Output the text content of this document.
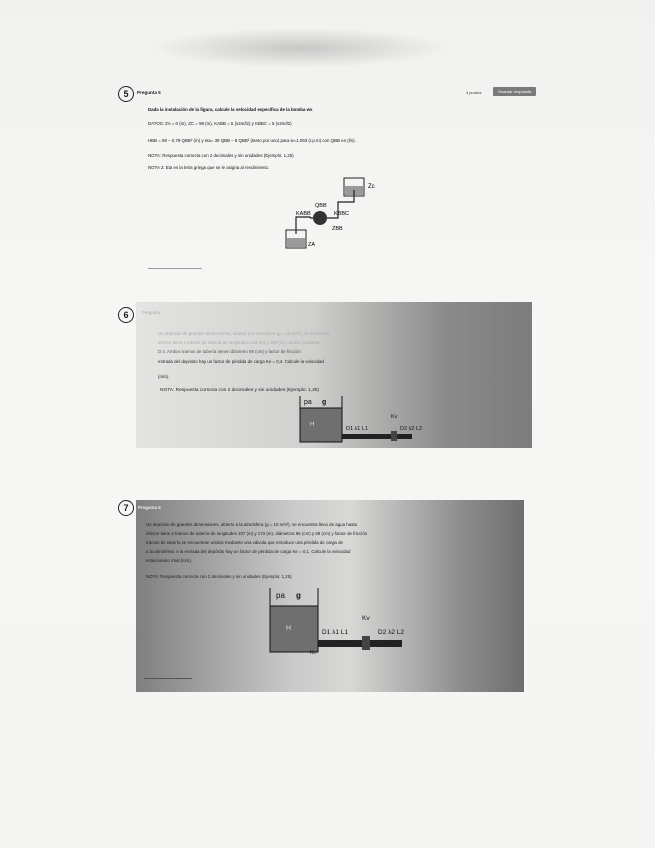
5	Pregunta 5	4 puntos	Guardar respuesta
Dada la instalación de la figura, calcule la velocidad específica de la bomba ws
DATOS: ZA = 0 (m), ZC = 98 (m), KABB = 5 (s2m/l2) y KBBC = 5 (s2m/l2)
HBB = 98 – 0,79 QBB² (m) y eta= 39 QBB – 8 QBB² (tanto por uno) para w=1.063 (r.p.m) con QBB en (l/s).
NOTA: Respuesta correcta con 2 decimales y sin unidades (Ejemplo: 1,25)
NOTA 2: Eta es la letra griega que se le asigna al rendimiento.
Zc
QBB
KABB	KBBC
ZBB
ZA
6	Pregunta
Un depósito de grandes dimensiones, abierto a la atmósfera (g = 10 m/s²), se encuentra
inferior tiene 2 tramos de tubería de longitudes 122 (m) y 159 (m), unidos mediante
D 2. Ambos tramos de tubería tienen diámetro 98 (cm) y factor de fricción
entrada del depósito hay un factor de pérdida de carga Ke = 0,4. Calcule la velocidad
(m/s).
NOTA: Respuesta correcta con 2 decimales y sin unidades (Ejemplo: 1,35)
pa g
H
D1 λ1 L1
Kv
D2 λ2 L2
7	Pregunta 8
Un depósito de grandes dimensiones, abierto a la atmósfera (g = 10 m/s²), se encuentra lleno de agua hasta
inferior tiene 2 tramos de tubería de longitudes 107 (m) y 173 (m), diámetros 86 (cm) y 68 (cm) y factor de fricción
tramos de tubería se encuentran unidos mediante una válvula que introduce una pérdida de carga de
a la atmósfera. A la entrada del depósito hay un factor de pérdida de carga Ke = 0,1. Calcule la velocidad
estacionario Vsal (m/s).
NOTA: Respuesta correcta con 2 decimales y sin unidades (Ejemplo: 1,25)
pa g
H
D1 λ1 L1
Kv
D2 λ2 L2
Ke
